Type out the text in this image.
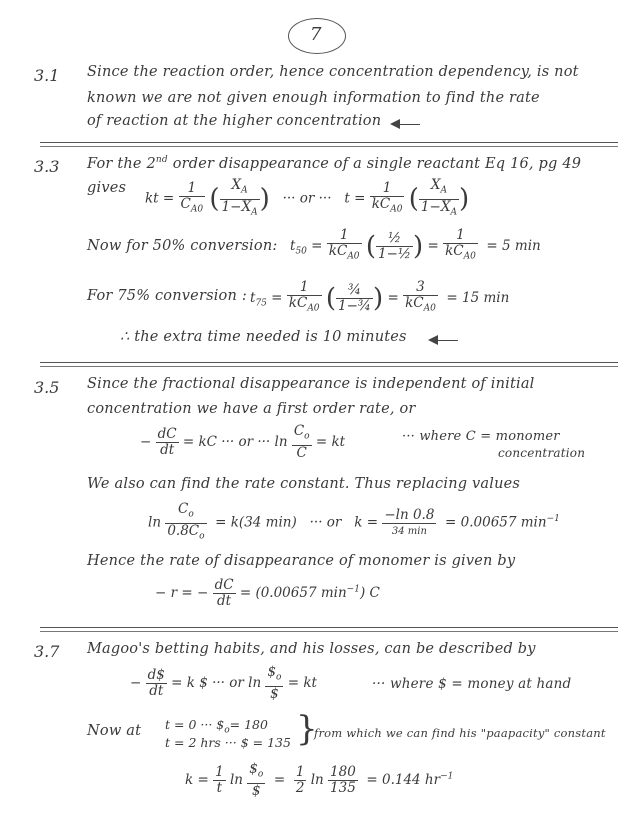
7
3.1 Since the reaction order, hence concentration dependency, is not
known we are not given enough information to find the rate
of reaction at the higher concentration
3.3 For the 2nd order disappearance of a single reactant Eq 16, pg 49
gives
kt = $\frac{1}{C_{A0}}$ ( $\frac{X_A}{1-X_A}$ ) ··· or ··· $t = \frac{1}{kC_{A0}}$ ( $\frac{X_A}{1-X_A}$ )
Now for 50% conversion: $t_{50} = \frac{1}{kC_{A0}}$ ( $\frac{\text{½}}{\text{1−½}}$ ) = $\frac{1}{kC_{A0}} = 5$ min
For 75% conversion : $t_{75} = \frac{1}{kC_{A0}}$ ( $\frac{\text{¾}}{\text{1−¾}}$ ) = $\frac{3}{kC_{A0}} = 15$ min
∴ the extra time needed is 10 minutes
3.5 Since the fractional disappearance is independent of initial
concentration we have a first order rate, or
− $\frac{dC}{dt}$ = kC ··· or ··· $\ln \frac{C_o}{C}$ = kt	··· where C = monomer
concentration
We also can find the rate constant. Thus replacing values
$\ln \frac{C_o}{0.8C_o} = k(34$ min) ··· or $k = \frac{-\ln 0.8}{34 \min} = 0.00657$ $\min^{-1}$
Hence the rate of disappearance of monomer is given by
− r = − $\frac{dC}{dt} = (0.00657$ $\min^{-1}$) C
3.7 Magoo's betting habits, and his losses, can be described by
− $\frac{d\$}{dt} = k$ $ ··· or $\ln \frac{\$_o}{\$}$ = kt	··· where $ = money at hand
Now at t = 0 ··· $\$_o= 180$
t = 2 hrs ··· $ = 135 }
from which we can find his "paapacity" constant
$k = \frac{1}{t}$ $\ln \frac{\$_o}{\$} = \frac{1}{2}$ $\ln \frac{180}{135} = 0.144$ $hr^{-1}$
